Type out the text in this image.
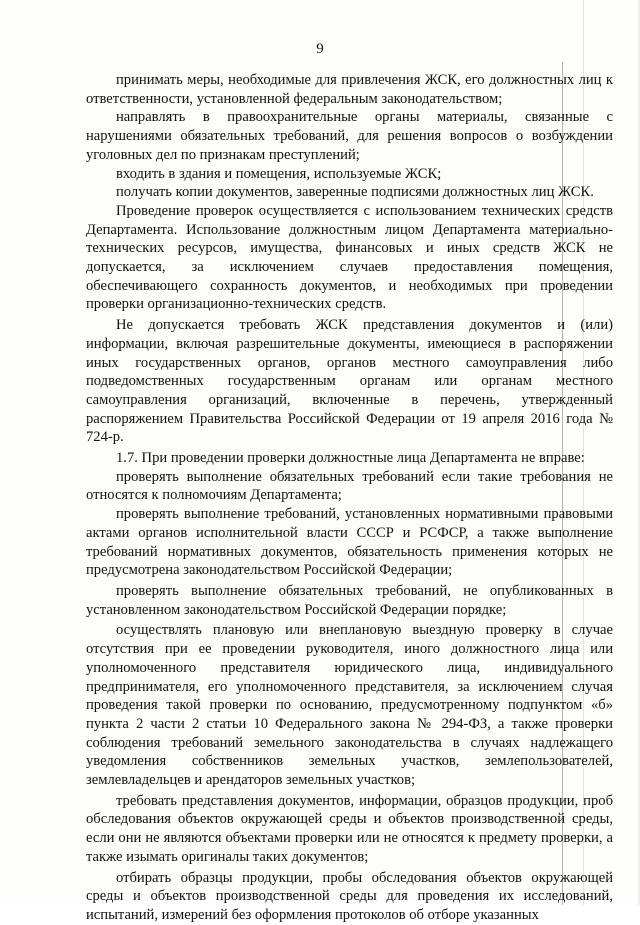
9

принимать меры, необходимые для привлечения ЖСК, его должностных лиц к ответственности, установленной федеральным законодательством;

направлять в правоохранительные органы материалы, связанные с нарушениями обязательных требований, для решения вопросов о возбуждении уголовных дел по признакам преступлений;

входить в здания и помещения, используемые ЖСК;

получать копии документов, заверенные подписями должностных лиц ЖСК.

Проведение проверок осуществляется с использованием технических средств Департамента. Использование должностным лицом Департамента материально-технических ресурсов, имущества, финансовых и иных средств ЖСК не допускается, за исключением случаев предоставления помещения, обеспечивающего сохранность документов, и необходимых при проведении проверки организационно-технических средств.

Не допускается требовать ЖСК представления документов и (или) информации, включая разрешительные документы, имеющиеся в распоряжении иных государственных органов, органов местного самоуправления либо подведомственных государственным органам или органам местного самоуправления организаций, включенные в перечень, утвержденный распоряжением Правительства Российской Федерации от 19 апреля 2016 года № 724-р.

1.7. При проведении проверки должностные лица Департамента не вправе:

проверять выполнение обязательных требований если такие требования не относятся к полномочиям Департамента;

проверять выполнение требований, установленных нормативными правовыми актами органов исполнительной власти СССР и РСФСР, а также выполнение требований нормативных документов, обязательность применения которых не предусмотрена законодательством Российской Федерации;

проверять выполнение обязательных требований, не опубликованных в установленном законодательством Российской Федерации порядке;

осуществлять плановую или внеплановую выездную проверку в случае отсутствия при ее проведении руководителя, иного должностного лица или уполномоченного представителя юридического лица, индивидуального предпринимателя, его уполномоченного представителя, за исключением случая проведения такой проверки по основанию, предусмотренному подпунктом «б» пункта 2 части 2 статьи 10 Федерального закона № 294-ФЗ, а также проверки соблюдения требований земельного законодательства в случаях надлежащего уведомления собственников земельных участков, землепользователей, землевладельцев и арендаторов земельных участков;

требовать представления документов, информации, образцов продукции, проб обследования объектов окружающей среды и объектов производственной среды, если они не являются объектами проверки или не относятся к предмету проверки, а также изымать оригиналы таких документов;

отбирать образцы продукции, пробы обследования объектов окружающей среды и объектов производственной среды для проведения их исследований, испытаний, измерений без оформления протоколов об отборе указанных
